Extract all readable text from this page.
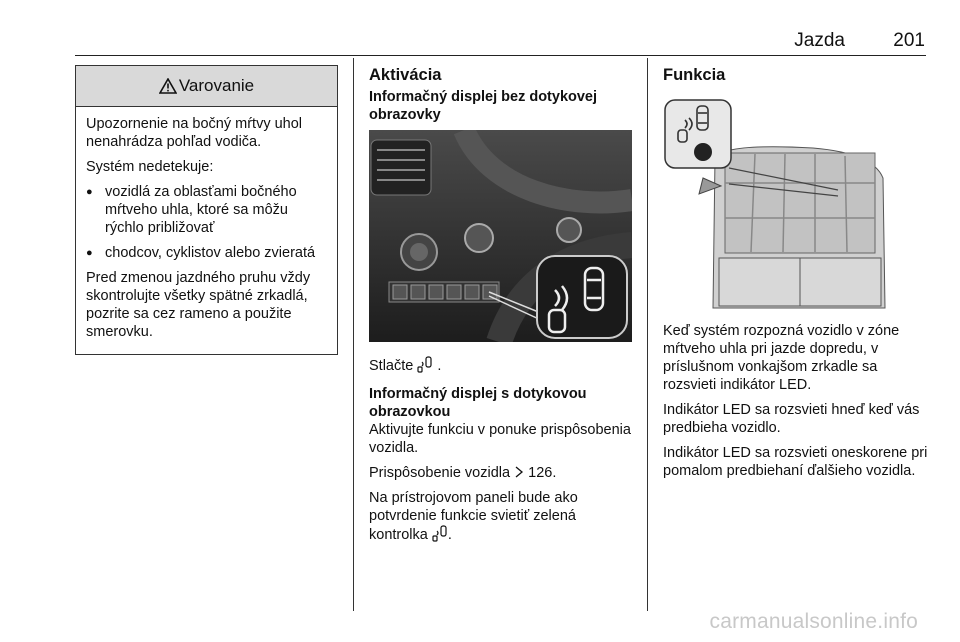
Jazda	201
Varovanie

Upozornenie na bočný mŕtvy uhol nenahrádza pohľad vodiča.

Systém nedetekuje:

● vozidlá za oblasťami bočného mŕtveho uhla, ktoré sa môžu rýchlo približovať
● chodcov, cyklistov alebo zvieratá

Pred zmenou jazdného pruhu vždy skontrolujte všetky spätné zrkadlá, pozrite sa cez rameno a použite smerovku.

Aktivácia
Informačný displej bez dotykovej obrazovky

Stlačte .

Informačný displej s dotykovou obrazovkou

Aktivujte funkciu v ponuke prispôsobenia vozidla.

Prispôsobenie vozidla 126.

Na prístrojovom paneli bude ako potvrdenie funkcie svietiť zelená kontrolka .

Funkcia

Keď systém rozpozná vozidlo v zóne mŕtveho uhla pri jazde dopredu, v príslušnom vonkajšom zrkadle sa rozsvieti indikátor LED.

Indikátor LED sa rozsvieti hneď keď vás predbieha vozidlo.

Indikátor LED sa rozsvieti oneskorene pri pomalom predbiehaní ďalšieho vozidla.

carmanualsonline.info
